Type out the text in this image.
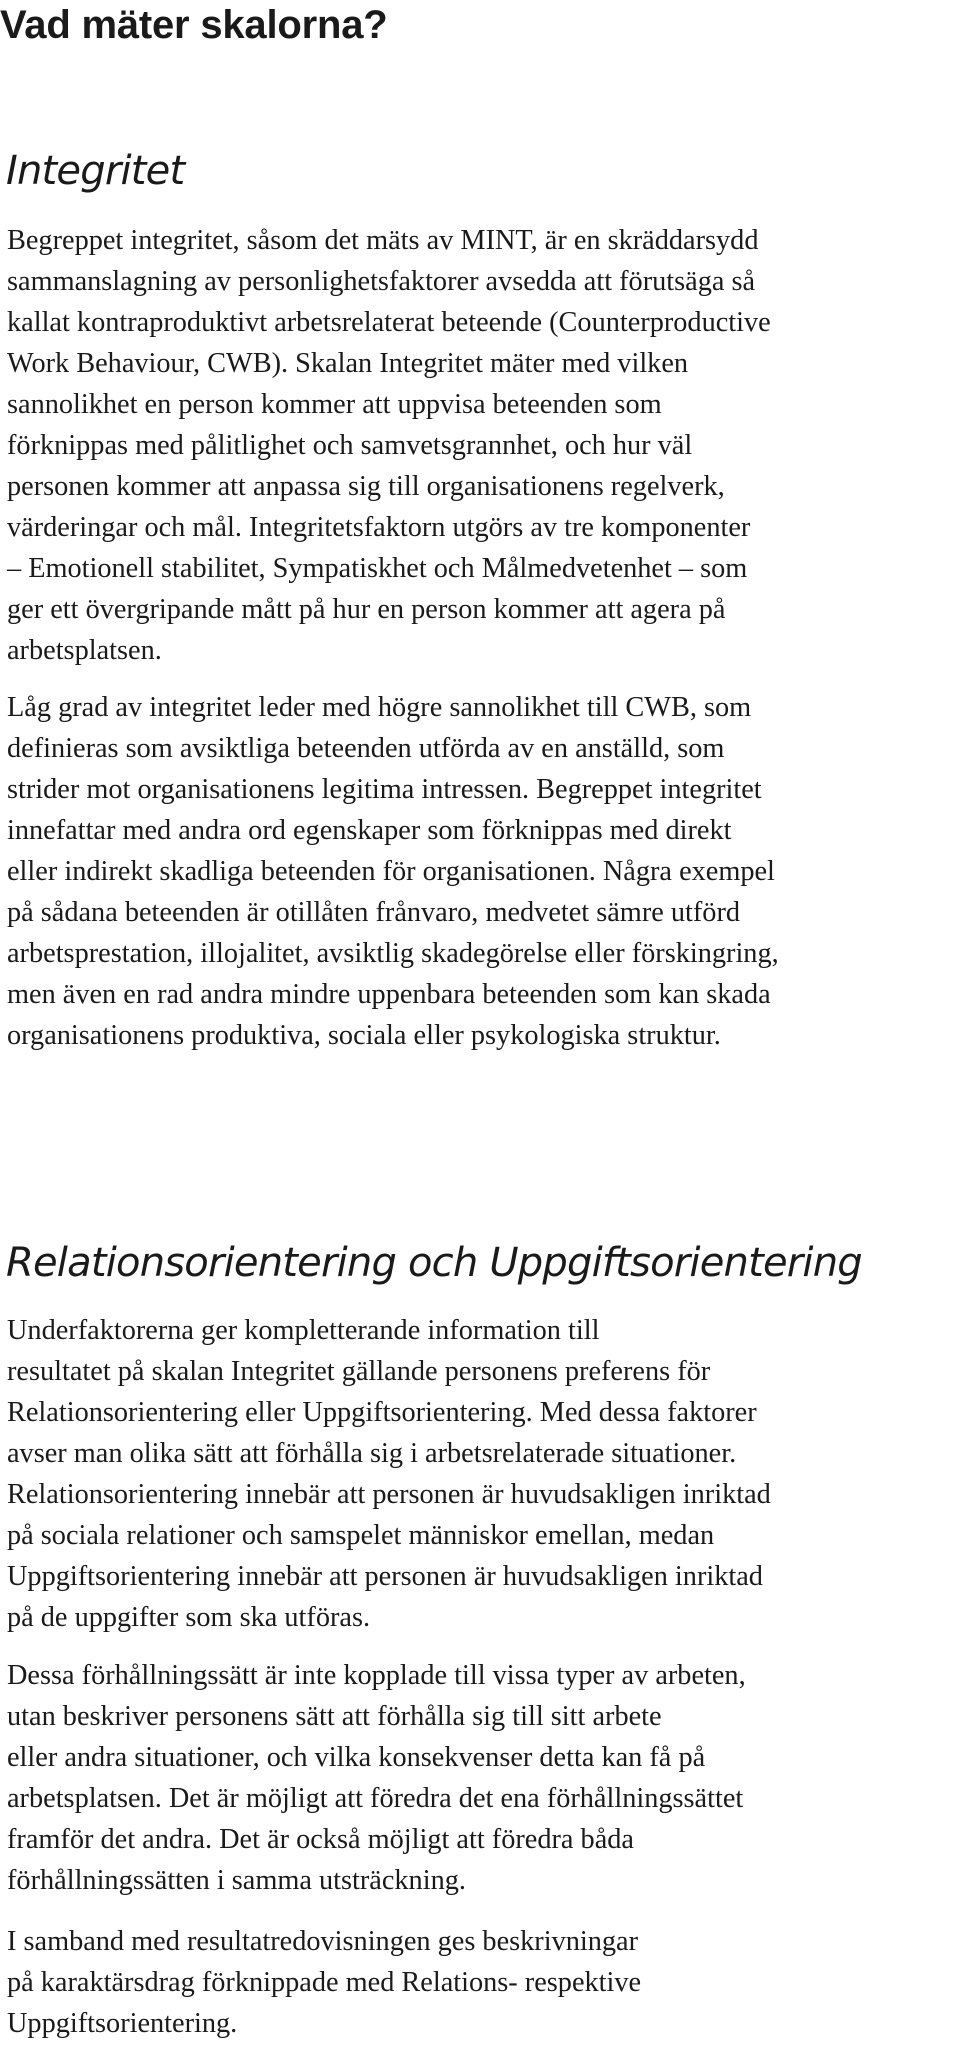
Vad mäter skalorna?
Integritet

Begreppet integritet, såsom det mäts av MINT, är en skräddarsydd
sammanslagning av personlighetsfaktorer avsedda att förutsäga så
kallat kontraproduktivt arbetsrelaterat beteende (Counterproductive
Work Behaviour, CWB). Skalan Integritet mäter med vilken
sannolikhet en person kommer att uppvisa beteenden som
förknippas med pålitlighet och samvetsgrannhet, och hur väl
personen kommer att anpassa sig till organisationens regelverk,
värderingar och mål. Integritetsfaktorn utgörs av tre komponenter
– Emotionell stabilitet, Sympatiskhet och Målmedvetenhet – som
ger ett övergripande mått på hur en person kommer att agera på
arbetsplatsen.

Låg grad av integritet leder med högre sannolikhet till CWB, som
definieras som avsiktliga beteenden utförda av en anställd, som
strider mot organisationens legitima intressen. Begreppet integritet
innefattar med andra ord egenskaper som förknippas med direkt
eller indirekt skadliga beteenden för organisationen. Några exempel
på sådana beteenden är otillåten frånvaro, medvetet sämre utförd
arbetsprestation, illojalitet, avsiktlig skadegörelse eller förskingring,
men även en rad andra mindre uppenbara beteenden som kan skada
organisationens produktiva, sociala eller psykologiska struktur.

Relationsorientering och Uppgiftsorientering

Underfaktorerna ger kompletterande information till
resultatet på skalan Integritet gällande personens preferens för
Relationsorientering eller Uppgiftsorientering. Med dessa faktorer
avser man olika sätt att förhålla sig i arbetsrelaterade situationer.
Relationsorientering innebär att personen är huvudsakligen inriktad
på sociala relationer och samspelet människor emellan, medan
Uppgiftsorientering innebär att personen är huvudsakligen inriktad
på de uppgifter som ska utföras.

Dessa förhållningssätt är inte kopplade till vissa typer av arbeten,
utan beskriver personens sätt att förhålla sig till sitt arbete
eller andra situationer, och vilka konsekvenser detta kan få på
arbetsplatsen. Det är möjligt att föredra det ena förhållningssättet
framför det andra. Det är också möjligt att föredra båda
förhållningssätten i samma utsträckning.

I samband med resultatredovisningen ges beskrivningar
på karaktärsdrag förknippade med Relations- respektive
Uppgiftsorientering.
